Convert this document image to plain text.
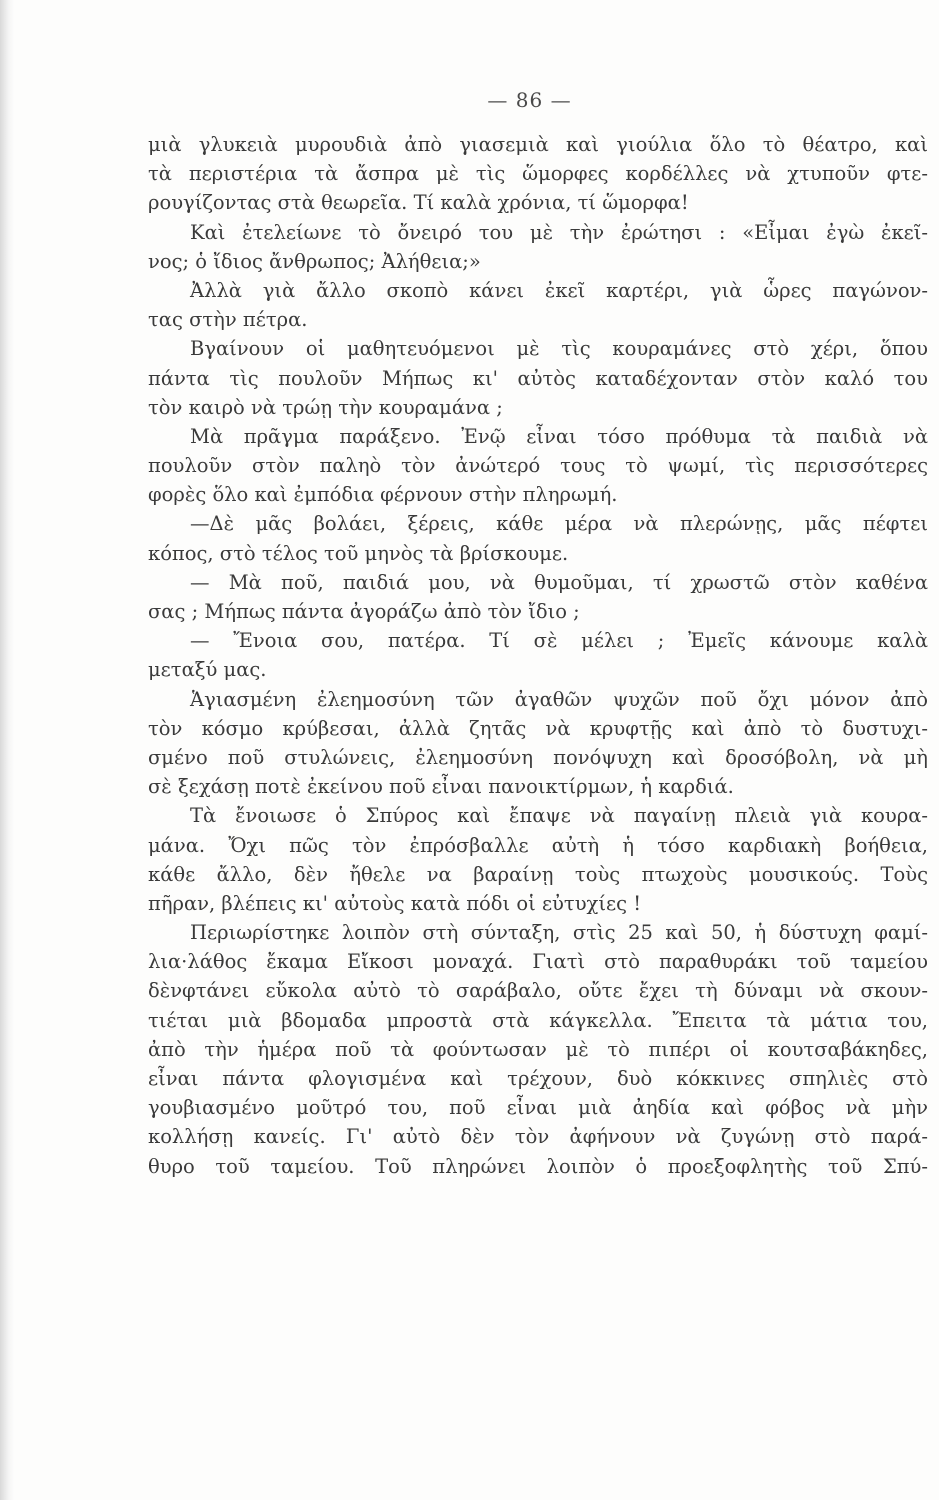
— 86 —
μιὰ γλυκειὰ μυρουδιὰ ἀπὸ γιασεμιὰ καὶ γιούλια ὅλο τὸ θέατρο, καὶ
τὰ περιστέρια τὰ ἄσπρα μὲ τὶς ὥμορφες κορδέλλες νὰ χτυποῦν φτε-
ρουγίζοντας στὰ θεωρεῖα. Τί καλὰ χρόνια, τί ὥμορφα!
Καὶ ἐτελείωνε τὸ ὄνειρό του μὲ τὴν ἐρώτησι : «Εἶμαι ἐγὼ ἐκεῖ-
νος; ὁ ἴδιος ἄνθρωπος; Ἀλήθεια;»
Ἀλλὰ γιὰ ἄλλο σκοπὸ κάνει ἐκεῖ καρτέρι, γιὰ ὧρες παγώνον-
τας στὴν πέτρα.
Βγαίνουν οἱ μαθητευόμενοι μὲ τὶς κουραμάνες στὸ χέρι, ὅπου
πάντα τὶς πουλοῦν Μήπως κι' αὐτὸς καταδέχονταν στὸν καλό του
τὸν καιρὸ νὰ τρώῃ τὴν κουραμάνα ;
Μὰ πρᾶγμα παράξενο. Ἐνῷ εἶναι τόσο πρόθυμα τὰ παιδιὰ νὰ
πουλοῦν στὸν παληὸ τὸν ἀνώτερό τους τὸ ψωμί, τὶς περισσότερες
φορὲς ὅλο καὶ ἐμπόδια φέρνουν στὴν πληρωμή.
—Δὲ μᾶς βολάει, ξέρεις, κάθε μέρα νὰ πλερώνῃς, μᾶς πέφτει
κόπος, στὸ τέλος τοῦ μηνὸς τὰ βρίσκουμε.
— Μὰ ποῦ, παιδιά μου, νὰ θυμοῦμαι, τί χρωστῶ στὸν καθένα
σας ; Μήπως πάντα ἀγοράζω ἀπὸ τὸν ἴδιο ;
— Ἔνοια σου, πατέρα. Τί σὲ μέλει ; Ἐμεῖς κάνουμε καλὰ
μεταξύ μας.
Ἁγιασμένη ἐλεημοσύνη τῶν ἀγαθῶν ψυχῶν ποῦ ὄχι μόνον ἀπὸ
τὸν κόσμο κρύβεσαι, ἀλλὰ ζητᾶς νὰ κρυφτῇς καὶ ἀπὸ τὸ δυστυχι-
σμένο ποῦ στυλώνεις, ἐλεημοσύνη πονόψυχη καὶ δροσόβολη, νὰ μὴ
σὲ ξεχάσῃ ποτὲ ἐκείνου ποῦ εἶναι πανοικτίρμων, ἡ καρδιά.
Τὰ ἔνοιωσε ὁ Σπύρος καὶ ἔπαψε νὰ παγαίνῃ πλειὰ γιὰ κουρα-
μάνα. Ὄχι πῶς τὸν ἐπρόσβαλλε αὐτὴ ἡ τόσο καρδιακὴ βοήθεια,
κάθε ἄλλο, δὲν ἤθελε να βαραίνῃ τοὺς πτωχοὺς μουσικούς. Τοὺς
πῆραν, βλέπεις κι' αὐτοὺς κατὰ πόδι οἱ εὐτυχίες !
Περιωρίστηκε λοιπὸν στὴ σύνταξη, στὶς 25 καὶ 50, ἡ δύστυχη φαμί-
λια·λάθος ἔκαμα Εἴκοσι μοναχά. Γιατὶ στὸ παραθυράκι τοῦ ταμείου
δὲνφτάνει εὔκολα αὐτὸ τὸ σαράβαλο, οὔτε ἔχει τὴ δύναμι νὰ σκουν-
τιέται μιὰ βδομαδα μπροστὰ στὰ κάγκελλα. Ἔπειτα τὰ μάτια του,
ἀπὸ τὴν ἡμέρα ποῦ τὰ φούντωσαν μὲ τὸ πιπέρι οἱ κουτσαβάκηδες,
εἶναι πάντα φλογισμένα καὶ τρέχουν, δυὸ κόκκινες σπηλιὲς στὸ
γουβιασμένο μοῦτρό του, ποῦ εἶναι μιὰ ἀηδία καὶ φόβος νὰ μὴν
κολλήσῃ κανείς. Γι' αὐτὸ δὲν τὸν ἀφήνουν νὰ ζυγώνῃ στὸ παρά-
θυρο τοῦ ταμείου. Τοῦ πληρώνει λοιπὸν ὁ προεξοφλητὴς τοῦ Σπύ-
